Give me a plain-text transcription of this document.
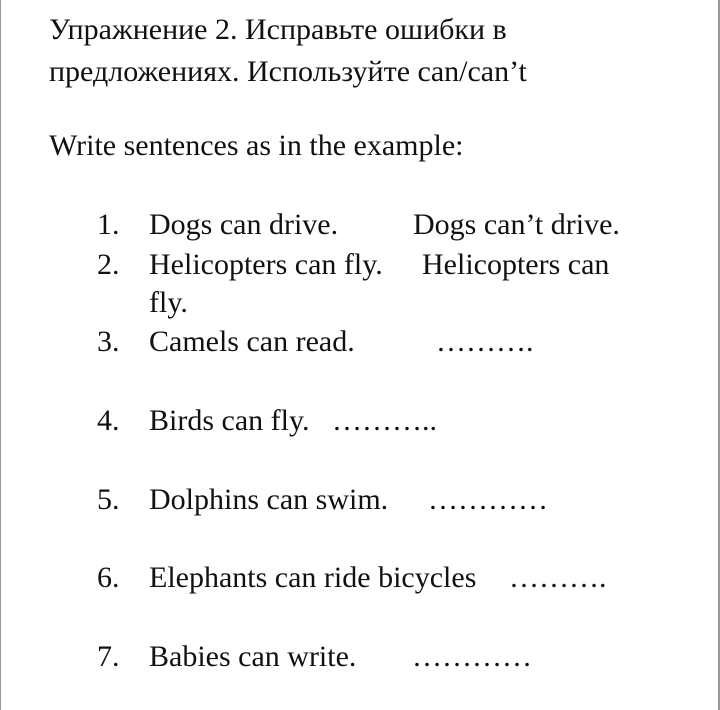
Упражнение 2. Исправьте ошибки в
предложениях. Используйте can/can’t

Write sentences as in the example:

1. Dogs can drive. Dogs can’t drive.
2. Helicopters can fly. Helicopters can
fly.
3. Camels can read.	……….
4. Birds can fly. ………..
5. Dolphins can swim. …………
6. Elephants can ride bicycles ……….
7. Babies can write. …………
